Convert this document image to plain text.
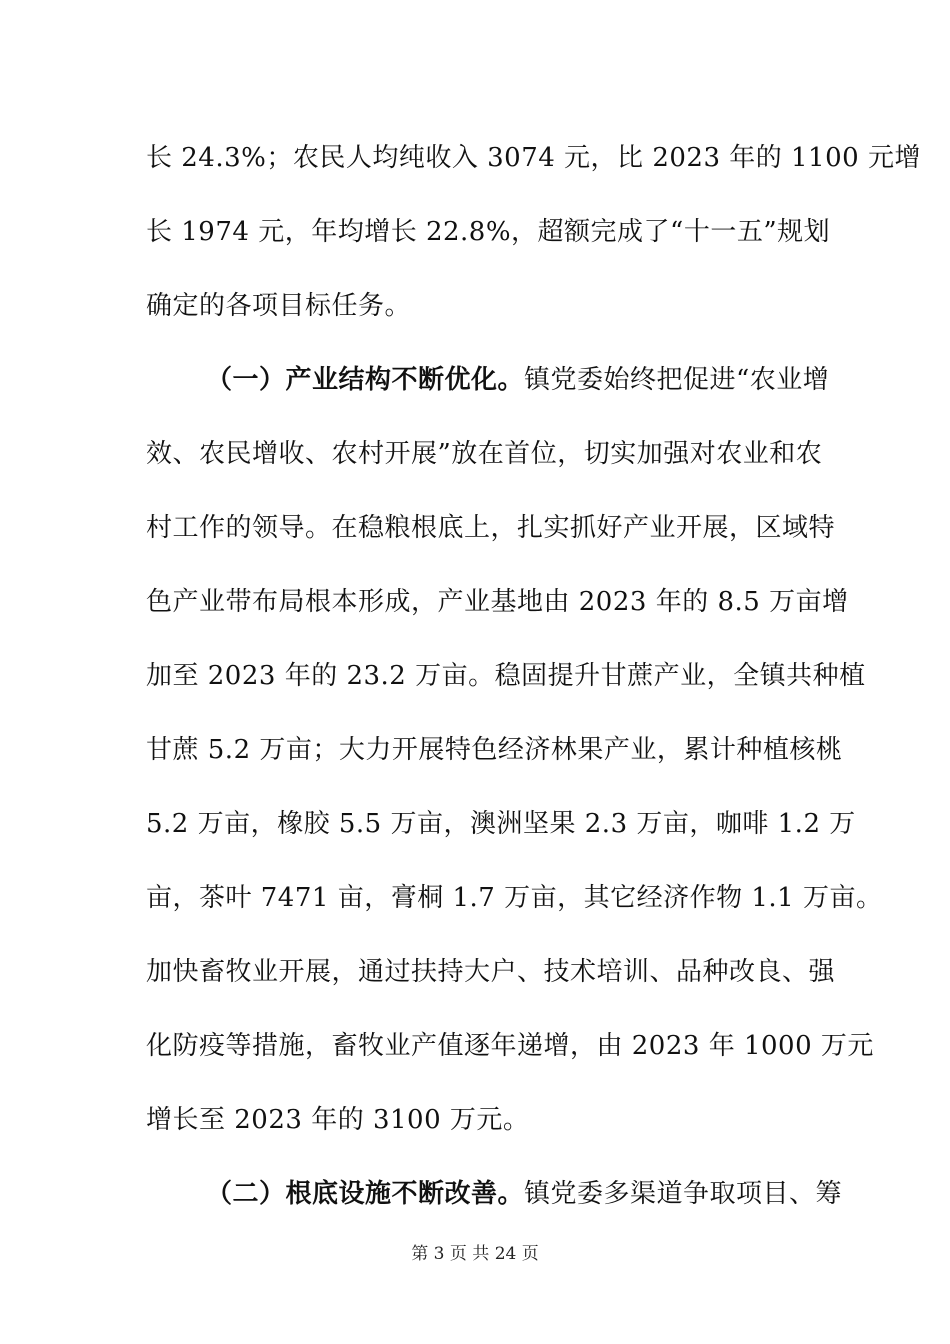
长 24.3%；农民人均纯收入 3074 元，比 2023 年的 1100 元增
长 1974 元，年均增长 22.8%，超额完成了“十一五”规划
确定的各项目标任务。
（一）产业结构不断优化。镇党委始终把促进“农业增
效、农民增收、农村开展”放在首位，切实加强对农业和农
村工作的领导。在稳粮根底上，扎实抓好产业开展，区域特
色产业带布局根本形成，产业基地由 2023 年的 8.5 万亩增
加至 2023 年的 23.2 万亩。稳固提升甘蔗产业，全镇共种植
甘蔗 5.2 万亩；大力开展特色经济林果产业，累计种植核桃
5.2 万亩，橡胶 5.5 万亩，澳洲坚果 2.3 万亩，咖啡 1.2 万
亩，茶叶 7471 亩，膏桐 1.7 万亩，其它经济作物 1.1 万亩。
加快畜牧业开展，通过扶持大户、技术培训、品种改良、强
化防疫等措施，畜牧业产值逐年递增，由 2023 年 1000 万元
增长至 2023 年的 3100 万元。
（二）根底设施不断改善。镇党委多渠道争取项目、筹
第 3 页 共 24 页
